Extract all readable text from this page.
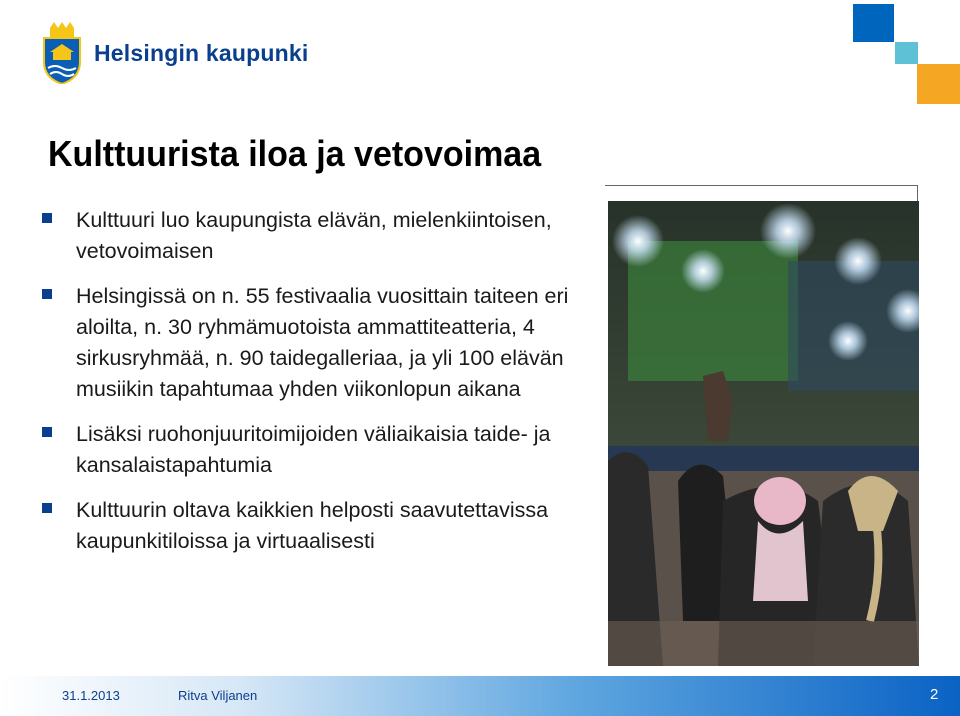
Helsingin kaupunki
Kulttuurista iloa ja vetovoimaa
Kulttuuri luo kaupungista elävän, mielenkiintoisen, vetovoimaisen
Helsingissä on n. 55 festivaalia vuosittain taiteen eri aloilta, n. 30 ryhmämuotoista ammattiteatteria, 4 sirkusryhmää, n. 90 taidegalleriaa, ja yli 100 elävän musiikin tapahtumaa yhden viikonlopun aikana
Lisäksi ruohonjuuritoimijoiden väliaikaisia taide- ja kansalaistapahtumia
Kulttuurin oltava kaikkien helposti saavutettavissa kaupunkitiloissa ja virtuaalisesti
31.1.2013	Ritva Viljanen	2
